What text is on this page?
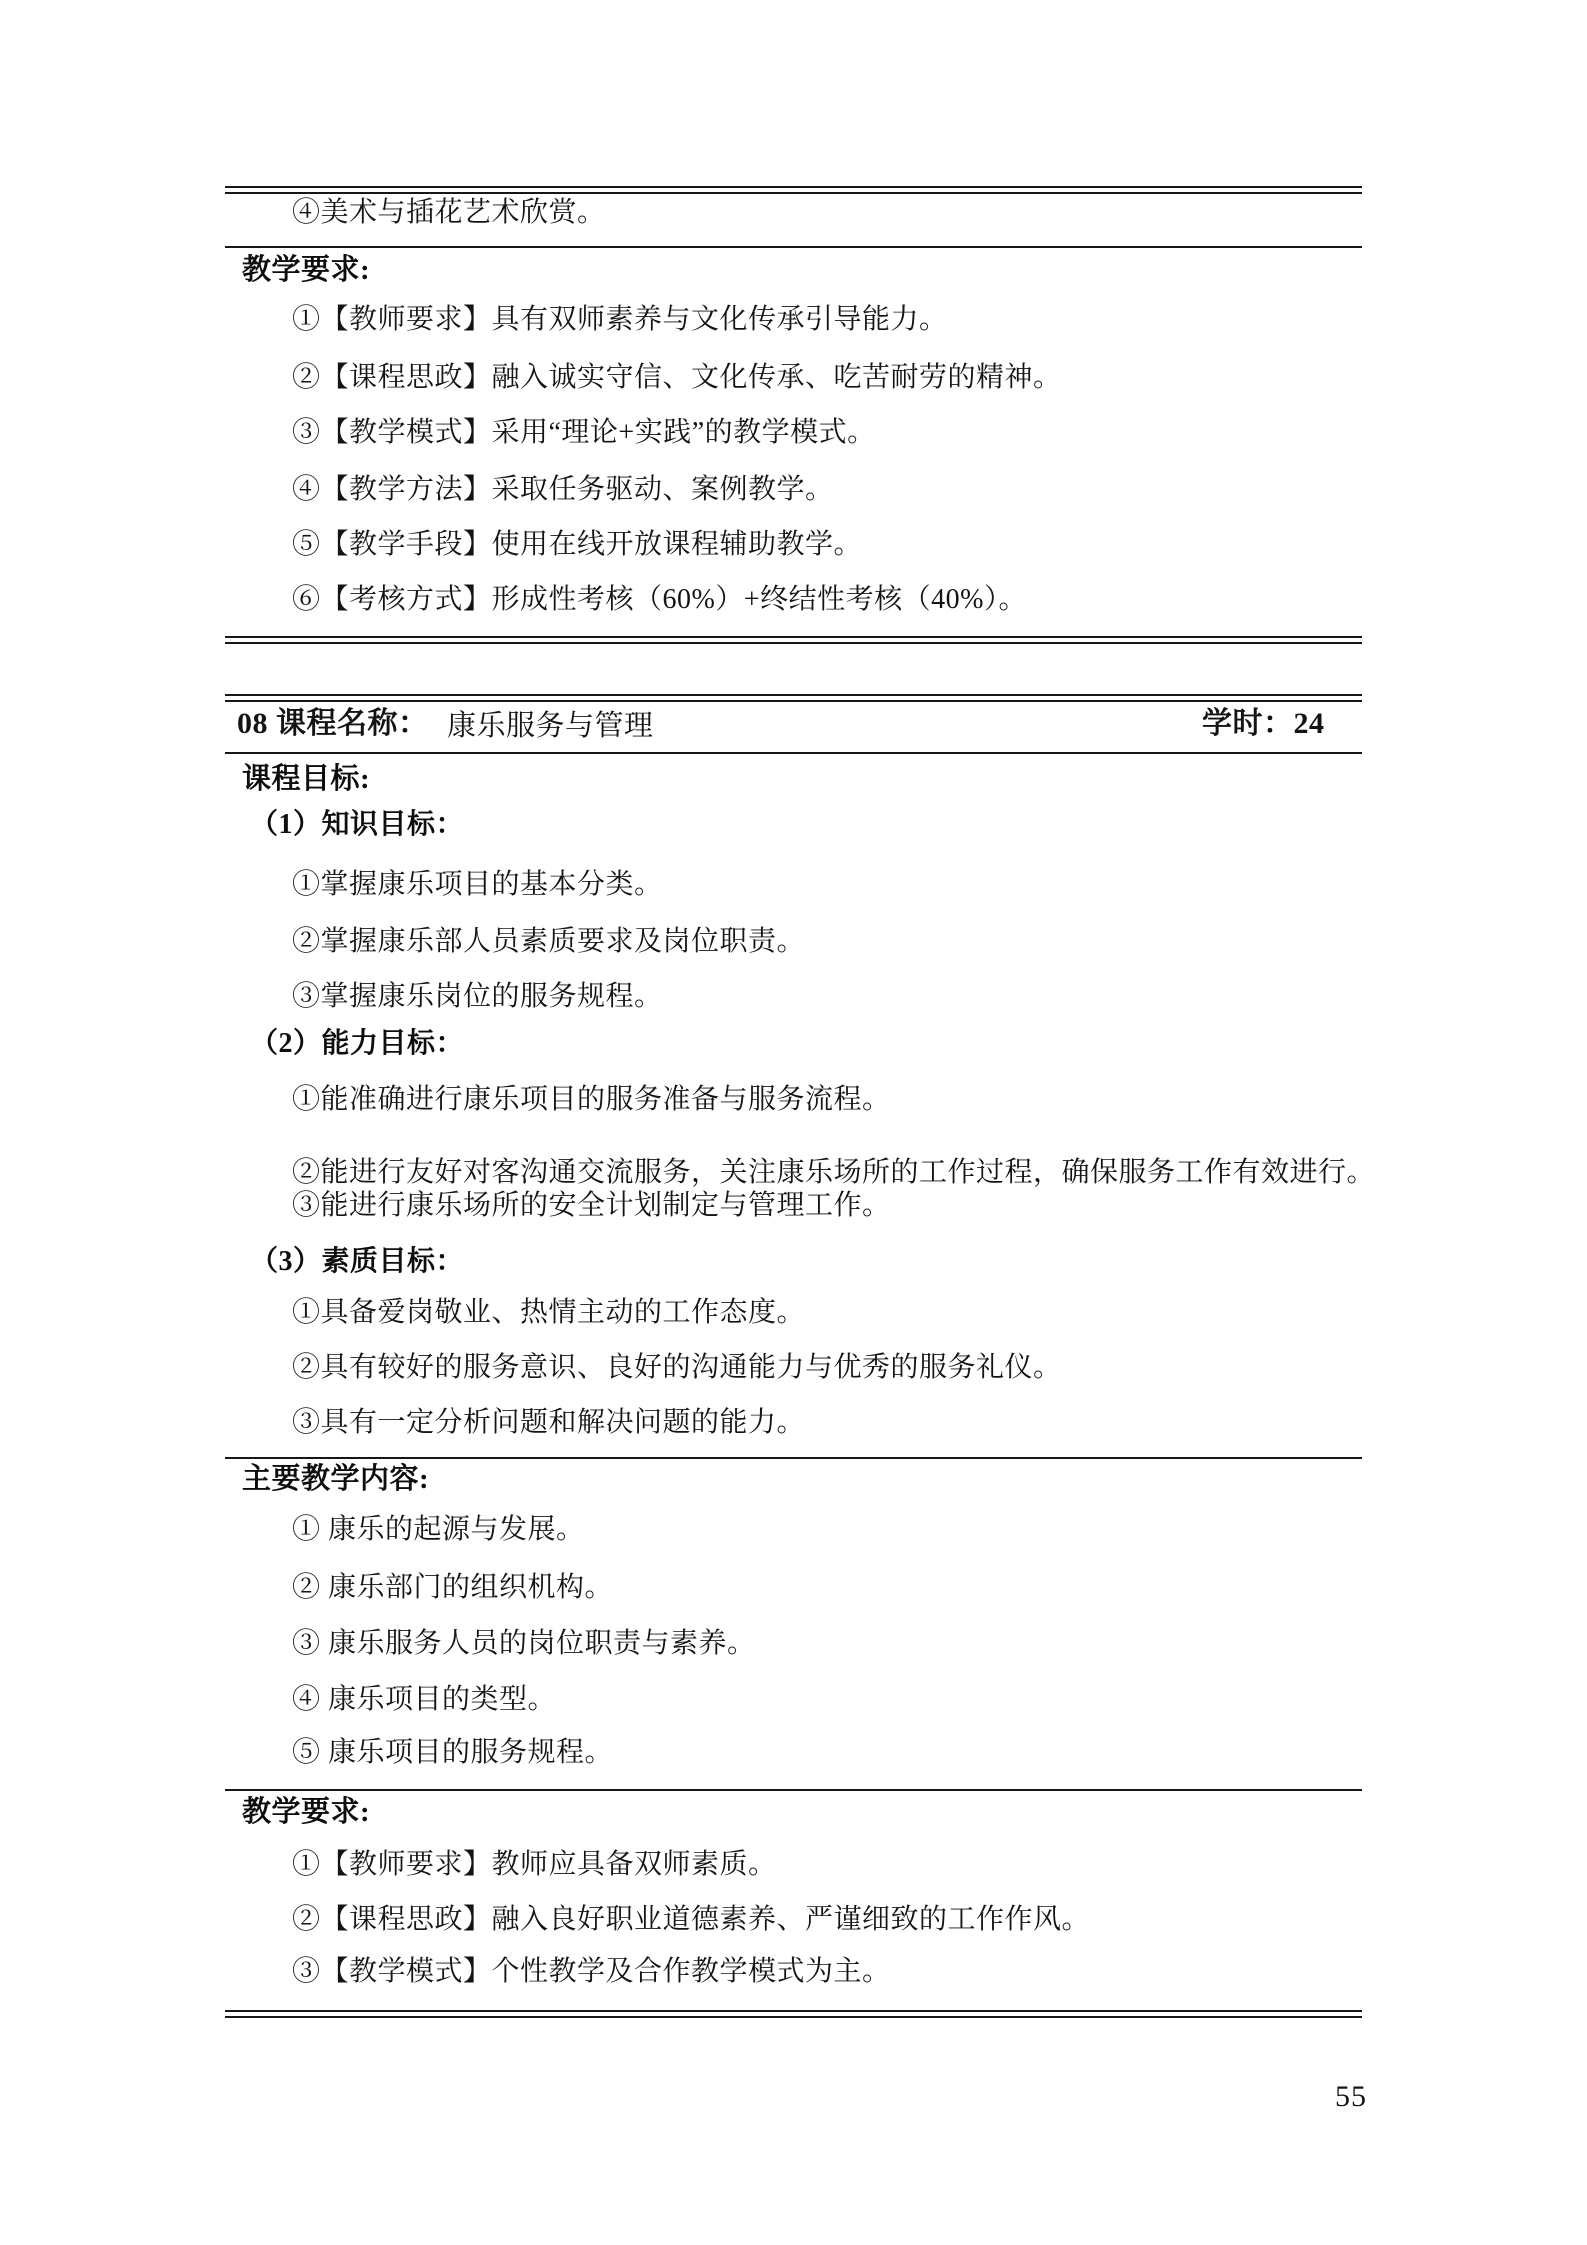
④美术与插花艺术欣赏。
教学要求:
①【教师要求】具有双师素养与文化传承引导能力。
②【课程思政】融入诚实守信、文化传承、吃苦耐劳的精神。
③【教学模式】采用“理论+实践”的教学模式。
④【教学方法】采取任务驱动、案例教学。
⑤【教学手段】使用在线开放课程辅助教学。
⑥【考核方式】形成性考核（60%）+终结性考核（40%）。
08 课程名称： 康乐服务与管理	学时：24
课程目标:
（1）知识目标：
①掌握康乐项目的基本分类。
②掌握康乐部人员素质要求及岗位职责。
③掌握康乐岗位的服务规程。
（2）能力目标：
①能准确进行康乐项目的服务准备与服务流程。
②能进行友好对客沟通交流服务，关注康乐场所的工作过程，确保服务工作有效进行。
③能进行康乐场所的安全计划制定与管理工作。
（3）素质目标：
①具备爱岗敬业、热情主动的工作态度。
②具有较好的服务意识、良好的沟通能力与优秀的服务礼仪。
③具有一定分析问题和解决问题的能力。
主要教学内容:
① 康乐的起源与发展。
② 康乐部门的组织机构。
③ 康乐服务人员的岗位职责与素养。
④ 康乐项目的类型。
⑤ 康乐项目的服务规程。
教学要求:
①【教师要求】教师应具备双师素质。
②【课程思政】融入良好职业道德素养、严谨细致的工作作风。
③【教学模式】个性教学及合作教学模式为主。
55
